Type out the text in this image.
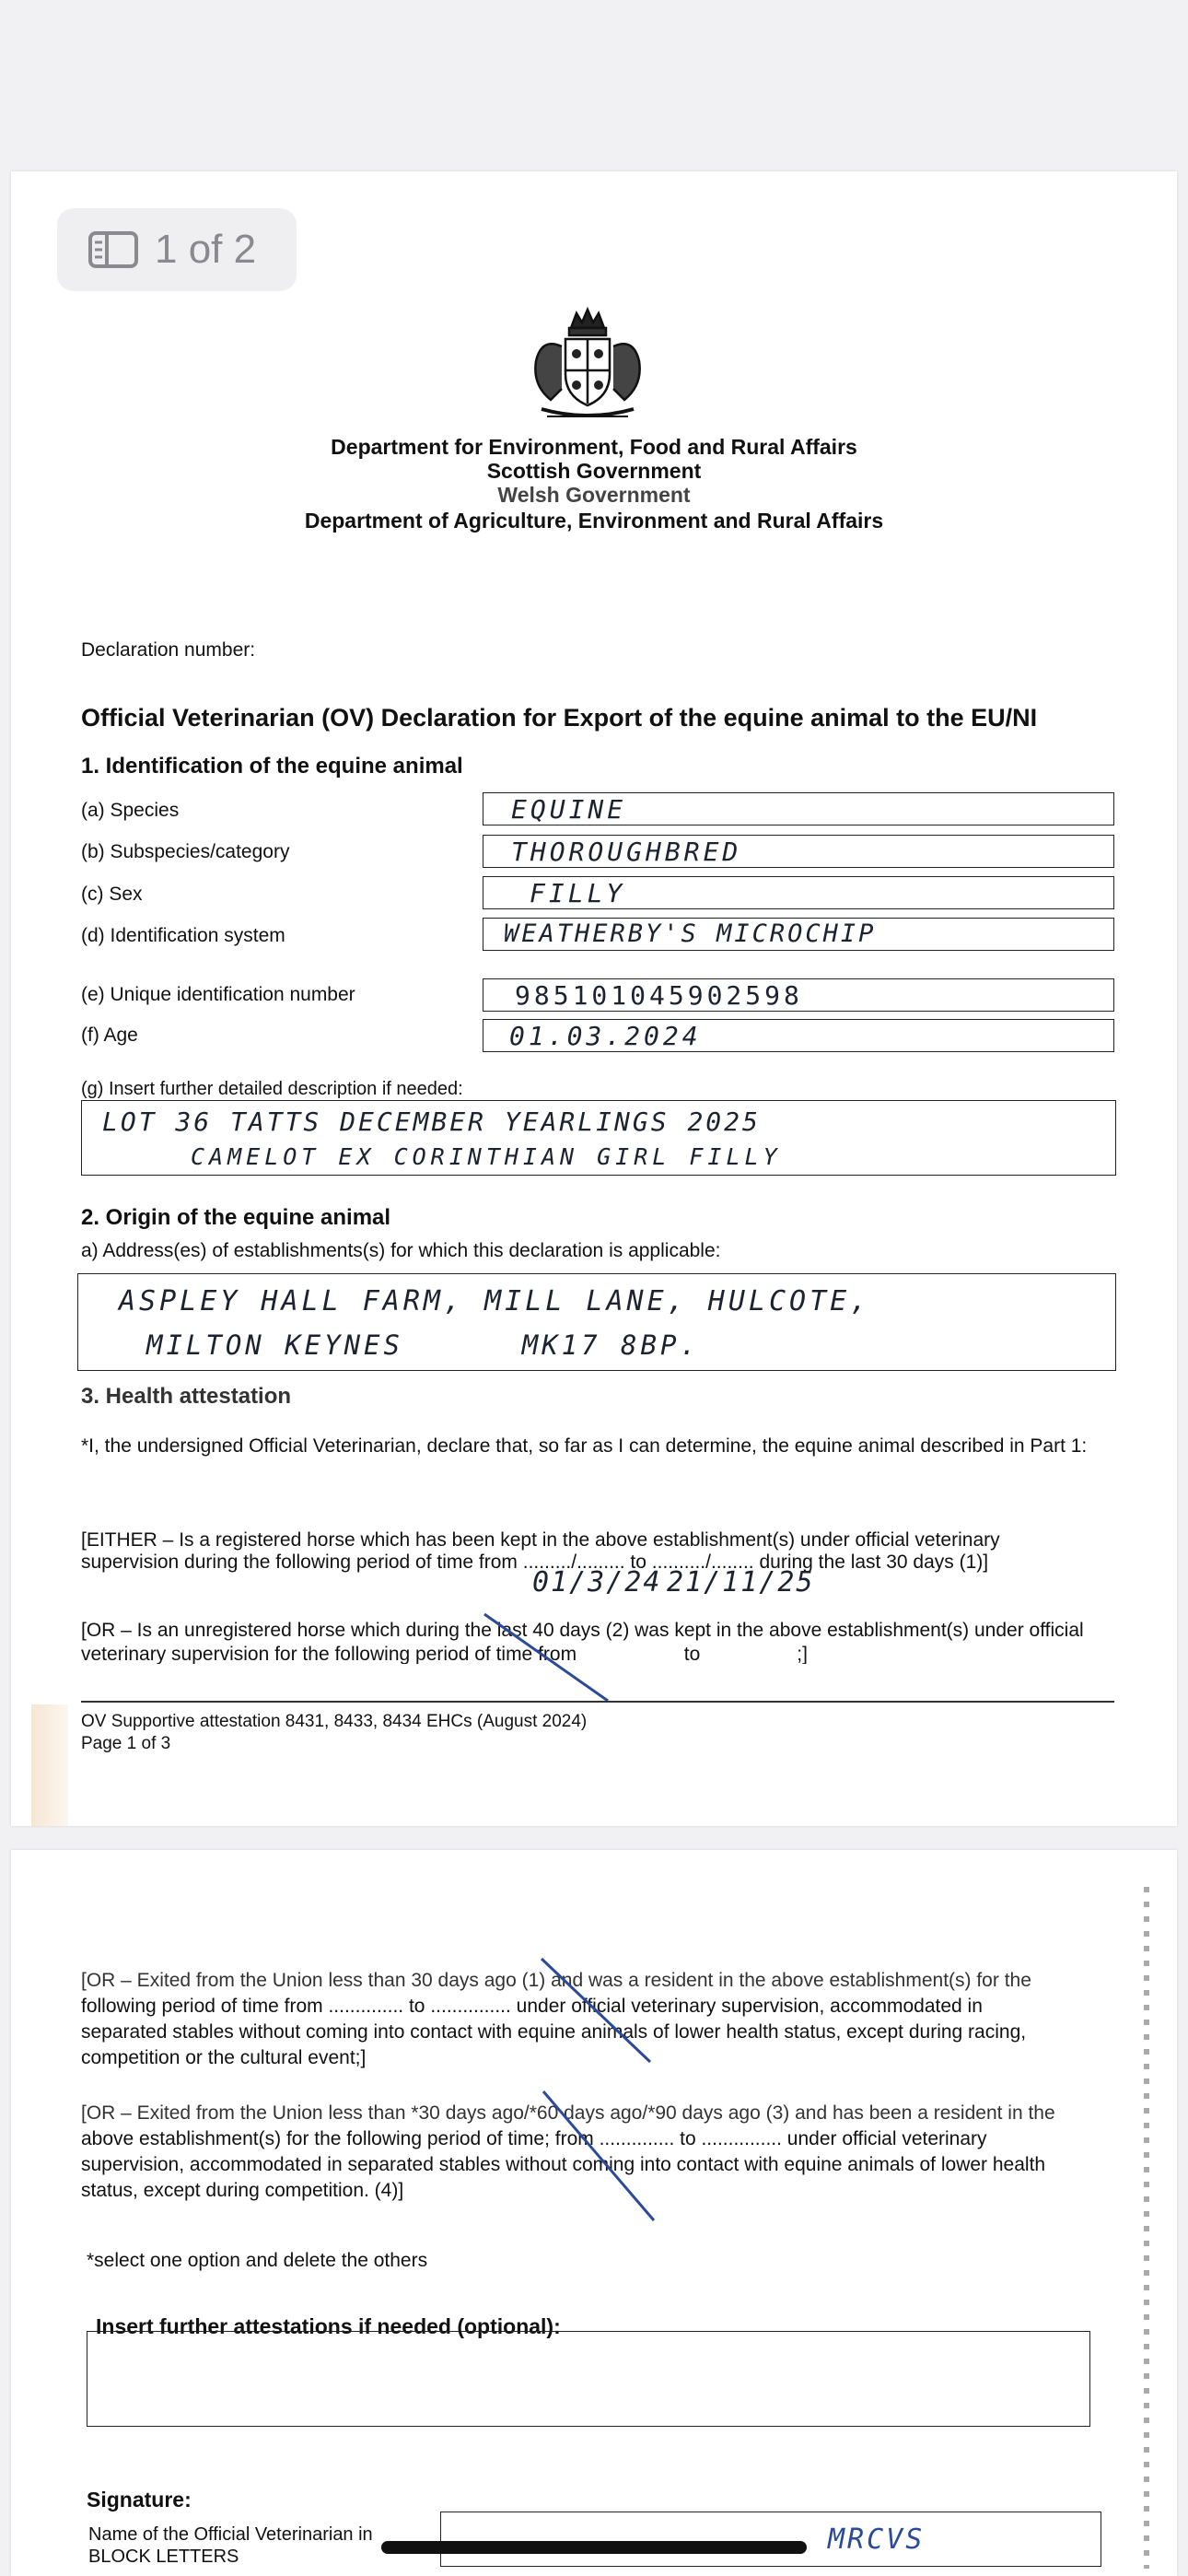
1 of 2
Department for Environment, Food and Rural Affairs
Scottish Government
Welsh Government
Department of Agriculture, Environment and Rural Affairs
Declaration number:
Official Veterinarian (OV) Declaration for Export of the equine animal to the EU/NI
1. Identification of the equine animal
(a) Species	EQUINE
(b) Subspecies/category	THOROUGHBRED
(c) Sex	FILLY
(d) Identification system	WEATHERBY'S MICROCHIP
(e) Unique identification number	985101045902598
(f) Age	01.03.2024
(g) Insert further detailed description if needed:
LOT 36 TATTS DECEMBER YEARLINGS 2025
CAMELOT EX CORINTHIAN GIRL FILLY
2. Origin of the equine animal
a) Address(es) of establishments(s) for which this declaration is applicable:
ASPLEY HALL FARM, MILL LANE, HULCOTE,
MILTON KEYNES      MK17 8BP.
3. Health attestation
*I, the undersigned Official Veterinarian, declare that, so far as I can determine, the equine animal described in Part 1:
[EITHER – Is a registered horse which has been kept in the above establishment(s) under official veterinary
supervision during the following period of time from ........./......... to ........../........ during the last 30 days (1)]
01/3/24 21/11/25
[OR – Is an unregistered horse which during the last 40 days (2) was kept in the above establishment(s) under official
veterinary supervision for the following period of time from                    to                  ;]
OV Supportive attestation 8431, 8433, 8434 EHCs (August 2024)
Page 1 of 3
[OR – Exited from the Union less than 30 days ago (1) and was a resident in the above establishment(s) for the
following period of time from .............. to ............... under official veterinary supervision, accommodated in
separated stables without coming into contact with equine animals of lower health status, except during racing,
competition or the cultural event;]
[OR – Exited from the Union less than *30 days ago/*60 days ago/*90 days ago (3) and has been a resident in the
above establishment(s) for the following period of time; from .............. to ............... under official veterinary
supervision, accommodated in separated stables without coming into contact with equine animals of lower health
status, except during competition. (4)]
*select one option and delete the others
Insert further attestations if needed (optional):
Signature:
Name of the Official Veterinarian in
BLOCK LETTERS
MRCVS
